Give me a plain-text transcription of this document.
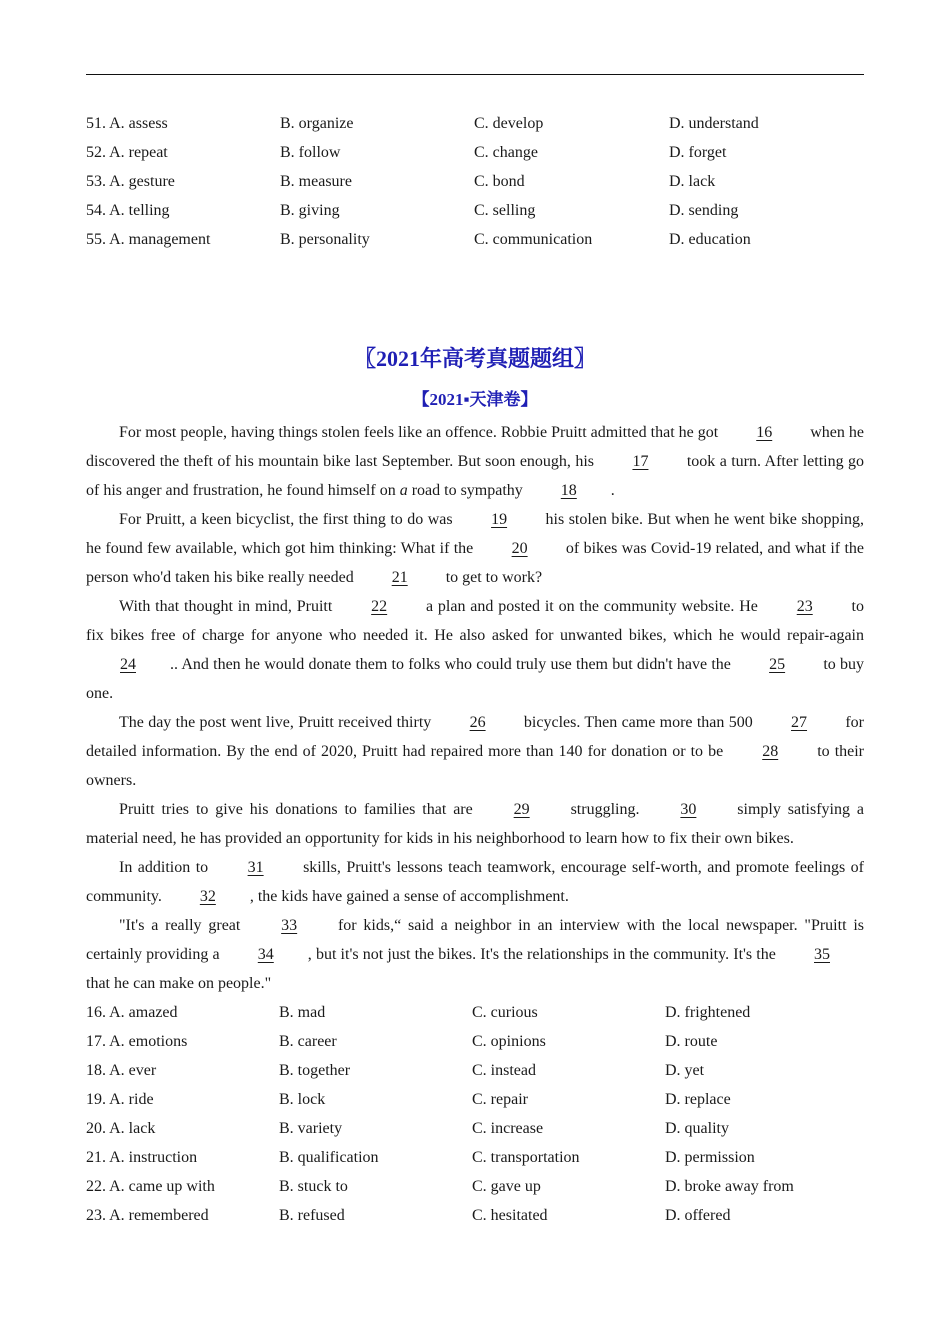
51. A. assess	B. organize	C. develop	D. understand
52. A. repeat	B. follow	C. change	D. forget
53. A. gesture	B. measure	C. bond	D. lack
54. A. telling	B. giving	C. selling	D. sending
55. A. management	B. personality	C. communication	D. education
〖2021年高考真题题组〗
【2021▪天津卷】

For most people, having things stolen feels like an offence. Robbie Pruitt admitted that he got 16 when he discovered the theft of his mountain bike last September. But soon enough, his 17 took a turn. After letting go of his anger and frustration, he found himself on a road to sympathy 18 .

For Pruitt, a keen bicyclist, the first thing to do was 19 his stolen bike. But when he went bike shopping, he found few available, which got him thinking: What if the 20 of bikes was Covid-19 related, and what if the person who'd taken his bike really needed 21 to get to work?

With that thought in mind, Pruitt 22 a plan and posted it on the community website. He 23 to fix bikes free of charge for anyone who needed it. He also asked for unwanted bikes, which he would repair-again 24 .. And then he would donate them to folks who could truly use them but didn't have the 25 to buy one.

The day the post went live, Pruitt received thirty 26 bicycles. Then came more than 500 27 for detailed information. By the end of 2020, Pruitt had repaired more than 140 for donation or to be 28 to their owners.

Pruitt tries to give his donations to families that are 29 struggling. 30 simply satisfying a material need, he has provided an opportunity for kids in his neighborhood to learn how to fix their own bikes.

In addition to 31 skills, Pruitt's lessons teach teamwork, encourage self-worth, and promote feelings of community. 32 , the kids have gained a sense of accomplishment.

"It's a really great 33 for kids,“ said a neighbor in an interview with the local newspaper. "Pruitt is certainly providing a 34 , but it's not just the bikes. It's the relationships in the community. It's the 35 that he can make on people."

16. A. amazed	B. mad	C. curious	D. frightened
17. A. emotions	B. career	C. opinions	D. route
18. A. ever	B. together	C. instead	D. yet
19. A. ride	B. lock	C. repair	D. replace
20. A. lack	B. variety	C. increase	D. quality
21. A. instruction	B. qualification	C. transportation	D. permission
22. A. came up with	B. stuck to	C. gave up	D. broke away from
23. A. remembered	B. refused	C. hesitated	D. offered
